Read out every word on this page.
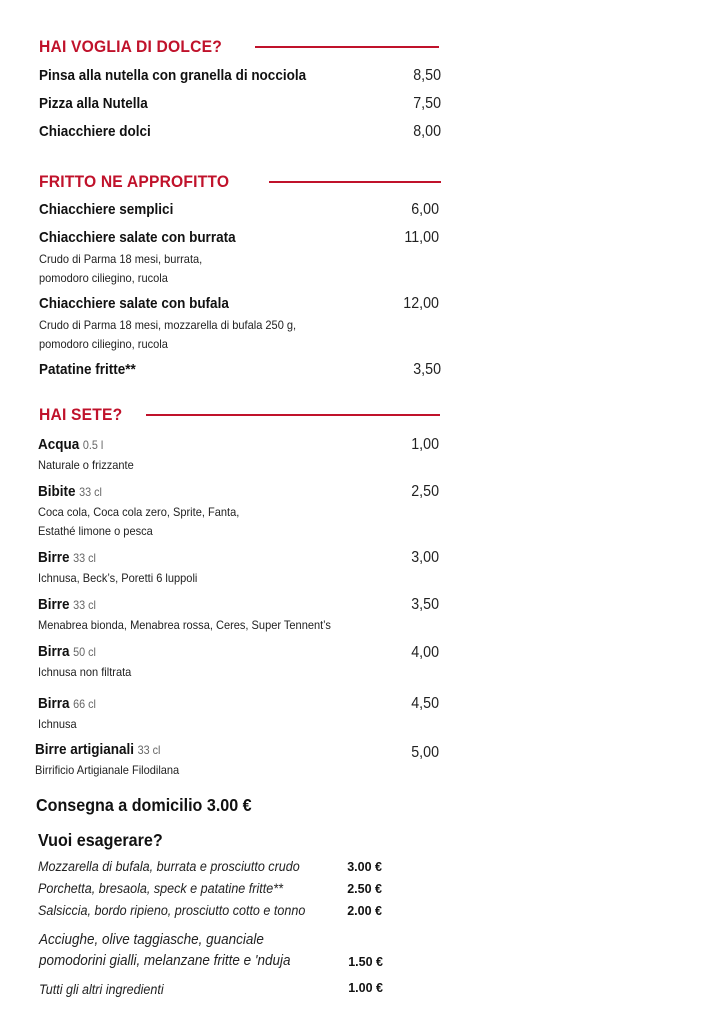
HAI VOGLIA DI DOLCE?
Pinsa alla nutella con granella di nocciola	8,50
Pizza alla Nutella	7,50
Chiacchiere dolci	8,00
FRITTO NE APPROFITTO
Chiacchiere semplici	6,00
Chiacchiere salate con burrata	11,00
Crudo di Parma 18 mesi, burrata,
pomodoro ciliegino, rucola
Chiacchiere salate con bufala	12,00
Crudo di Parma 18 mesi, mozzarella di bufala 250 g,
pomodoro ciliegino, rucola
Patatine fritte**	3,50
HAI SETE?
Acqua 0.5 l	1,00
Naturale o frizzante
Bibite 33 cl	2,50
Coca cola, Coca cola zero, Sprite, Fanta,
Estathé limone o pesca
Birre 33 cl	3,00
Ichnusa, Beck’s, Poretti 6 luppoli
Birre 33 cl	3,50
Menabrea bionda, Menabrea rossa, Ceres, Super Tennent’s
Birra 50 cl	4,00
Ichnusa non filtrata
Birra 66 cl	4,50
Ichnusa
Birre artigianali 33 cl	5,00
Birrificio Artigianale Filodilana
Consegna a domicilio 3.00 €
Vuoi esagerare?
Mozzarella di bufala, burrata e prosciutto crudo	3.00 €
Porchetta, bresaola, speck e patatine fritte**	2.50 €
Salsiccia, bordo ripieno, prosciutto cotto e tonno	2.00 €
Acciughe, olive taggiasche, guanciale
pomodorini gialli, melanzane fritte e 'nduja	1.50 €
Tutti gli altri ingredienti	1.00 €
